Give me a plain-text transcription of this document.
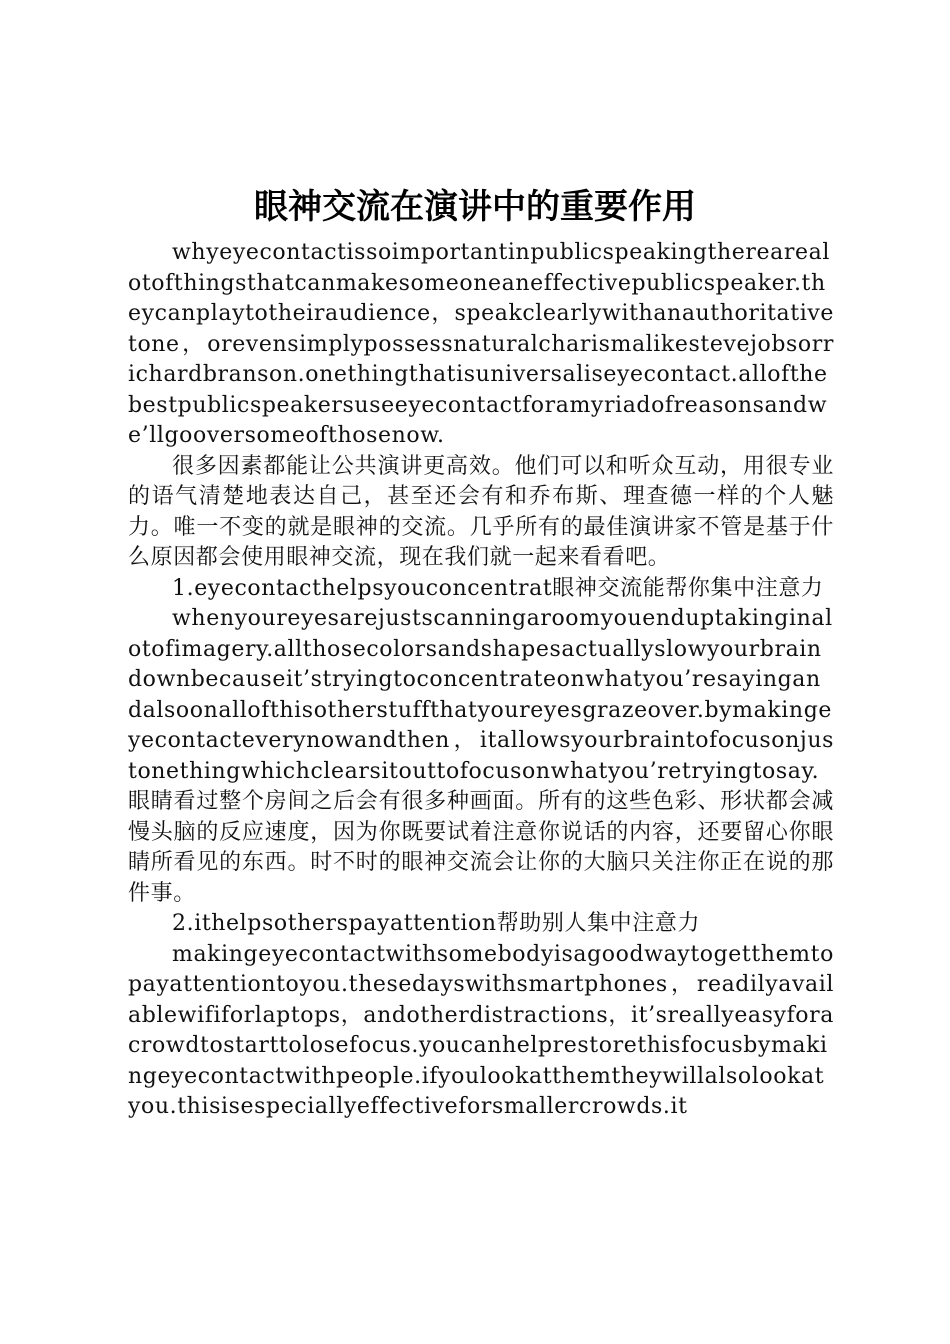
眼神交流在演讲中的重要作用

whyeyecontactissoimportantinpublicspeakingtherearealotofthingsthatcanmakesomeoneaneffectivepublicspeaker.theycanplaytotheiraudience，speakclearlywithanauthoritativetone，orevensimplypossessnaturalcharismalikestevejobsorrichardbranson.onethingthatisuniversaliseyecontact.allofthebestpublicspeakersuseeyecontactforamyriadofreasonsandwe’llgooversomeofthosenow.

很多因素都能让公共演讲更高效。他们可以和听众互动，用很专业的语气清楚地表达自己，甚至还会有和乔布斯、理查德一样的个人魅力。唯一不变的就是眼神的交流。几乎所有的最佳演讲家不管是基于什么原因都会使用眼神交流，现在我们就一起来看看吧。

1.eyecontacthelpsyouconcentrat眼神交流能帮你集中注意力

whenyoureyesarejustscanningaroomyouenduptakinginalotofimagery.allthosecolorsandshapesactuallyslowyourbraindownbecauseit’stryingtoconcentrateonwhatyou’resayingandalsoonallofthisotherstuffthatyoureyesgrazeover.bymakingeyecontacteverynowandthen，itallowsyourbraintofocusonjustonethingwhichclearsitouttofocusonwhatyou’retryingtosay.眼睛看过整个房间之后会有很多种画面。所有的这些色彩、形状都会减慢头脑的反应速度，因为你既要试着注意你说话的内容，还要留心你眼睛所看见的东西。时不时的眼神交流会让你的大脑只关注你正在说的那件事。

2.ithelpsotherspayattention帮助别人集中注意力

makingeyecontactwithsomebodyisagoodwaytogetthemtopayattentiontoyou.thesedayswithsmartphones，readilyavailablewififorlaptops，andotherdistractions，it’sreallyeasyforacrowdtostarttolosefocus.youcanhelprestorethisfocusbymakingeyecontactwithpeople.ifyoulookatthemtheywillalsolookatyou.thisisespeciallyeffectiveforsmallercrowds.it
